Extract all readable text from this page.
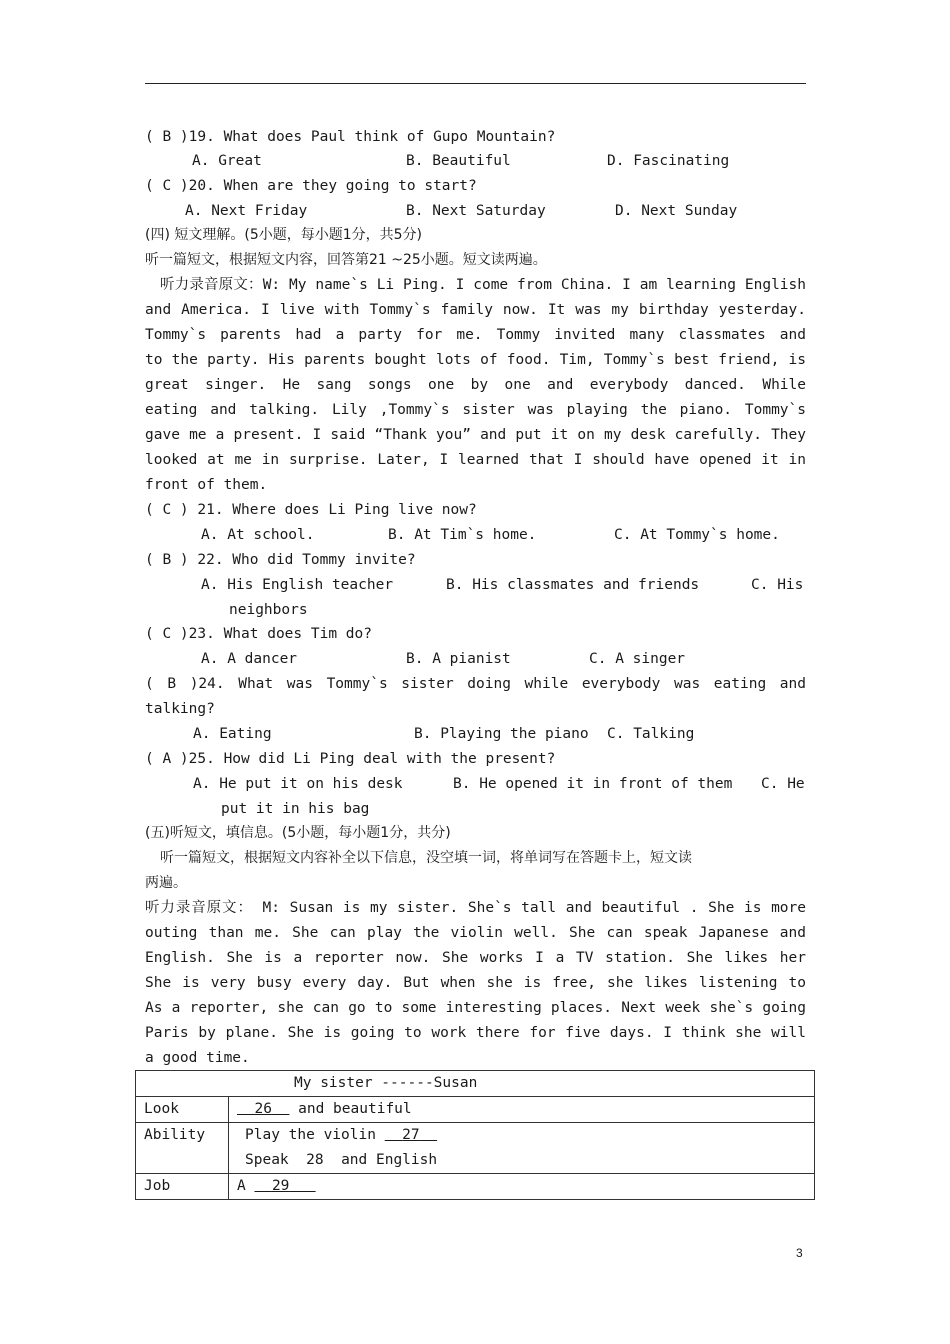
( B )19. What does Paul think of Gupo Mountain?
A. Great	B. Beautiful	D. Fascinating
( C )20. When are they going to start?
A. Next Friday	B. Next Saturday	D. Next Sunday
(四) 短文理解。(5小题，每小题1分，共5分)
听一篇短文，根据短文内容，回答第21 ~25小题。短文读两遍。
听力录音原文：W: My name`s Li Ping. I come from China. I am learning English
and America. I live with Tommy`s family now. It was my birthday yesterday.
Tommy`s parents had a party for me. Tommy invited many classmates and
to the party. His parents bought lots of food. Tim, Tommy`s best friend, is
great singer. He sang songs one by one and everybody danced. While
eating and talking. Lily ,Tommy`s sister was playing the piano. Tommy`s
gave me a present. I said “Thank you” and put it on my desk carefully. They
looked at me in surprise. Later, I learned that I should have opened it in
front of them.
( C ) 21. Where does Li Ping live now?
A. At school.	B. At Tim`s home.	C. At Tommy`s home.
( B ) 22. Who did Tommy invite?
A. His English teacher	B. His classmates and friends	C. His
neighbors
( C )23. What does Tim do?
A. A dancer	B. A pianist	C. A singer
( B )24. What was Tommy`s sister doing while everybody was eating and
talking?
A. Eating	B. Playing the piano C. Talking
( A )25. How did Li Ping deal with the present?
A. He put it on his desk	B. He opened it in front of them C. He
put it in his bag
(五)听短文，填信息。(5小题，每小题1分，共分)
听一篇短文，根据短文内容补全以下信息，没空填一词，将单词写在答题卡上，短文读
两遍。
听力录音原文： M: Susan is my sister. She`s tall and beautiful . She is more
outing than me. She can play the violin well. She can speak Japanese and
English. She is a reporter now. She works I a TV station. She likes her
She is very busy every day. But when she is free, she likes listening to
As a reporter, she can go to some interesting places. Next week she`s going
Paris by plane. She is going to work there for five days. I think she will
a good time.
My sister ------Susan	
Look	26 and beautiful
Ability	Play the violin 27
Speak 28 and English

Job	A 29
3
